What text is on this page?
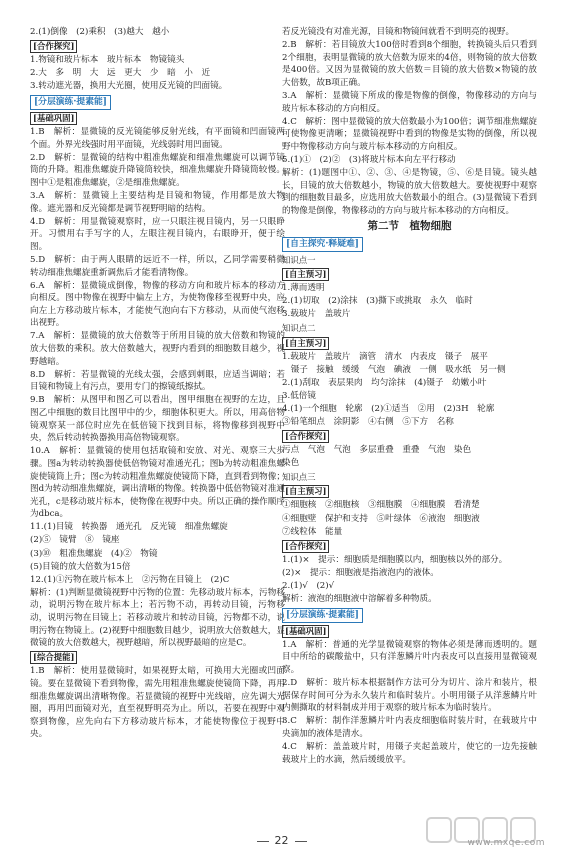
2.(1)倒像　(2)乘积　(3)越大　越小

[合作探究]

1.物镜和玻片标本　玻片标本　物镜镜头

2.大　多　明　大　远　更大　少　暗　小　近

3.转动遮光器，换用大光圈，使用反光镜的凹面镜。

[分层演练·提素能]
[基础巩固]

1.B　解析：显微镜的反光镜能够反射光线，有平面镜和凹面镜两个面。外界光线强时用平面镜，光线弱时用凹面镜。

2.D　解析：显微镜的结构中粗准焦螺旋和细准焦螺旋可以调节镜筒的升降。粗准焦螺旋升降镜筒较快，细准焦螺旋升降镜筒较慢。图中①是粗准焦螺旋，②是细准焦螺旋。

3.A　解析：显微镜上主要结构是目镜和物镜，作用都是放大物像。遮光器和反光镜都是调节视野明暗的结构。

4.D　解析：用显微镜观察时，应一只眼注视目镜内，另一只眼睁开。习惯用右手写字的人，左眼注视目镜内，右眼睁开，便于绘图。

5.D　解析：由于两人眼睛的远近不一样，所以，乙同学需要稍微转动细准焦螺旋重新调焦后才能看清物像。

6.A　解析：显微镜成倒像，物像的移动方向和玻片标本的移动方向相反。图中物像在视野中偏左上方，为使物像移至视野中央，应向左上方移动玻片标本，才能使气泡向右下方移动，从而使气泡移出视野。

7.A　解析：显微镜的放大倍数等于所用目镜的放大倍数和物镜的放大倍数的乘积。放大倍数越大，视野内看到的细胞数目越少，视野越暗。

8.D　解析：若显微镜的光线太强，会感到刺眼，应适当调暗；若目镜和物镜上有污点，要用专门的擦镜纸擦拭。

9.B　解析：从图甲和图乙可以看出，图甲细胞在视野的左边，且图乙中细胞的数目比图甲中的少，细胞体积更大。所以，用高倍物镜观察某一部位时应先在低倍镜下找到目标，将物像移到视野中央，然后转动转换器换用高倍物镜观察。

10.A　解析：显微镜的使用包括取镜和安放、对光、观察三大步骤。图a为转动转换器使低倍物镜对准通光孔；图b为转动粗准焦螺旋使镜筒上升；图c为转动粗准焦螺旋使镜筒下降，直到看到物像；图d为转动细准焦螺旋，调出清晰的物像。转换器中低倍物镜对准通光孔，c是移动玻片标本，使物像在视野中央。所以正确的操作顺序为dbca。

11.(1)目镜　转换器　通光孔　反光镜　细准焦螺旋

(2)⑤　镜臂　⑧　镜座

(3)⑩　粗准焦螺旋　(4)②　物镜

(5)目镜的放大倍数为15倍

12.(1)①污物在玻片标本上　②污物在目镜上　(2)C

解析：(1)判断显微镜视野中污物的位置：先移动玻片标本，污物移动，说明污物在玻片标本上；若污物不动，再转动目镜，污物移动，说明污物在目镜上；若移动玻片和转动目镜，污物都不动，说明污物在物镜上。(2)视野中细胞数目越少，说明放大倍数越大，显微镜的放大倍数越大，视野越暗，所以视野最暗的应是C。

[综合提能]

1.B　解析：使用显微镜时，如果视野太暗，可换用大光圈或凹面镜。要在显微镜下看到物像，需先用粗准焦螺旋使镜筒下降，再用细准焦螺旋调出清晰物像。若显微镜的视野中光线暗，应先调大光圈，再用凹面镜对光，直至视野明亮为止。所以，若要在视野中观察到物像，应先向右下方移动玻片标本，才能使物像位于视野中央。

若反光镜没有对准光源，目镜和物镜间就看不到明亮的视野。

2.B　解析：若目镜放大100倍时看到8个细胞，转换镜头后只看到2个细胞，表明显微镜的放大倍数为原来的4倍，则物镜的放大倍数是400倍。又因为显微镜的放大倍数＝目镜的放大倍数×物镜的放大倍数，故B项正确。

3.A　解析：显微镜下所成的像是物像的倒像，物像移动的方向与玻片标本移动的方向相反。

4.C　解析：图中显微镜的放大倍数最小为100倍；调节细准焦螺旋可使物像更清晰；显微镜视野中看到的物像是实物的倒像，所以视野中物像移动方向与玻片标本移动的方向相反。

5.(1)①　(2)②　(3)将玻片标本向左平行移动

解析：(1)题图中①、②、③、④是物镜，⑤、⑥是目镜。镜头越长，目镜的放大倍数越小，物镜的放大倍数越大。要使视野中观察到的细胞数目最多，应选用放大倍数最小的组合。(3)显微镜下看到的物像是倒像，物像移动的方向与玻片标本移动的方向相反。

第二节　植物细胞
[自主探究·释疑难]
知识点一
[自主预习]

1.薄而透明

2.(1)切取　(2)涂抹　(3)撕下或挑取　永久　临时

3.载玻片　盖玻片

知识点二
[自主预习]

1.载玻片　盖玻片　滴管　清水　内表皮　镊子　展平

　镊子　接触　缓缓　气泡　碘液　一侧　吸水纸　另一侧

2.(1)刮取　表层果肉　均匀涂抹　(4)镊子　幼嫩小叶

3.低倍镜

4.(1)一个细胞　轮廓　(2)①适当　②用　(2)3H　轮廓

③铅笔细点　涂阴影　④右侧　⑤下方　名称

[合作探究]

污点　气泡　气泡　多层重叠　重叠　气泡　染色

染色

知识点三
[自主预习]

①细胞核　②细胞核　③细胞膜　④细胞膜　看清楚

④细胞壁　保护和支持　⑤叶绿体　⑥液泡　细胞液

⑦线粒体　能量

[合作探究]

1.(1)×　提示：细胞质是细胞膜以内，细胞核以外的部分。

(2)×　提示：细胞液是指液泡内的液体。

2.(1)√　(2)√

解析：液泡的细胞液中溶解着多种物质。

[分层演练·提素能]
[基础巩固]

1.A　解析：普通的光学显微镜观察的物体必须是薄而透明的。题目中所给的碳酸盐中，只有洋葱鳞片叶内表皮可以直接用显微镜观察。

2.D　解析：玻片标本根据制作方法可分为切片、涂片和装片，根据保存时间可分为永久装片和临时装片。小明用镊子从洋葱鳞片叶内侧撕取的材料制成并用于观察的玻片标本为临时装片。

3.C　解析：制作洋葱鳞片叶内表皮细胞临时装片时，在载玻片中央滴加的液体是清水。

4.C　解析：盖盖玻片时，用镊子夹起盖玻片，使它的一边先接触载玻片上的水滴，然后缓缓放平。

22	www.mxqe.com
